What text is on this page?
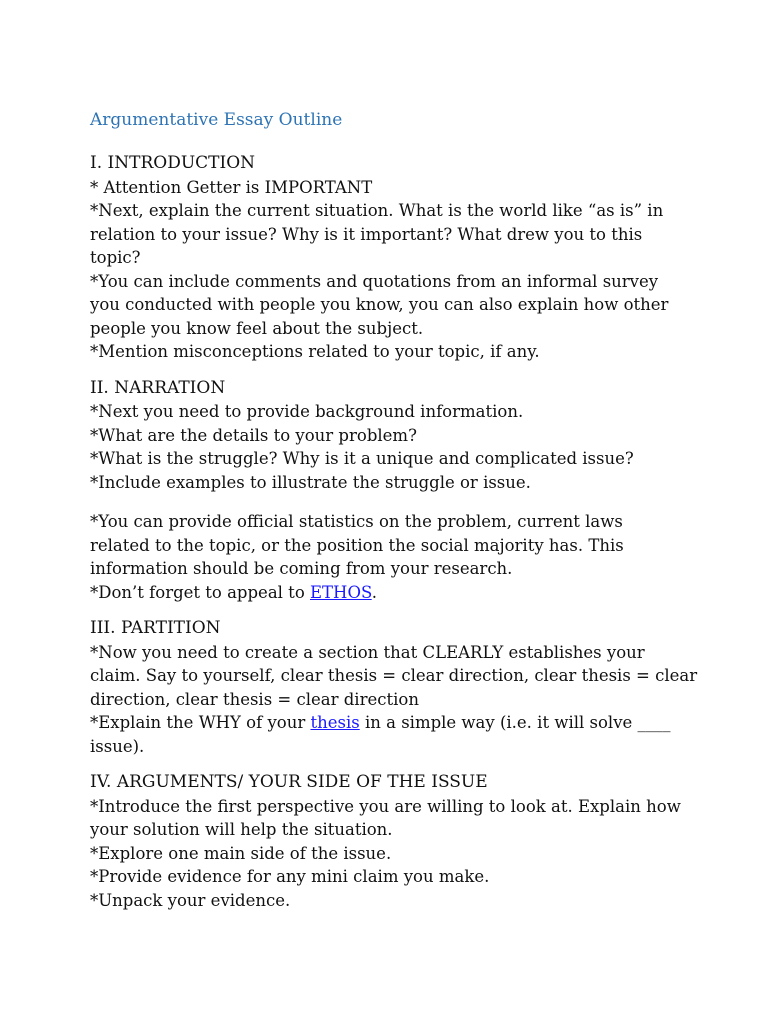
Argumentative Essay Outline

I. INTRODUCTION

* Attention Getter is IMPORTANT

*Next, explain the current situation. What is the world like “as is” in

relation to your issue? Why is it important? What drew you to this

topic?

*You can include comments and quotations from an informal survey

you conducted with people you know, you can also explain how other

people you know feel about the subject.

*Mention misconceptions related to your topic, if any.

II. NARRATION

*Next you need to provide background information.

*What are the details to your problem?

*What is the struggle? Why is it a unique and complicated issue?

*Include examples to illustrate the struggle or issue.

*You can provide official statistics on the problem, current laws

related to the topic, or the position the social majority has. This

information should be coming from your research.

*Don’t forget to appeal to ETHOS.

III. PARTITION

*Now you need to create a section that CLEARLY establishes your

claim. Say to yourself, clear thesis = clear direction, clear thesis = clear

direction, clear thesis = clear direction

*Explain the WHY of your thesis in a simple way (i.e. it will solve ____

issue).

IV. ARGUMENTS/ YOUR SIDE OF THE ISSUE

*Introduce the first perspective you are willing to look at. Explain how

your solution will help the situation.

*Explore one main side of the issue.

*Provide evidence for any mini claim you make.

*Unpack your evidence.
